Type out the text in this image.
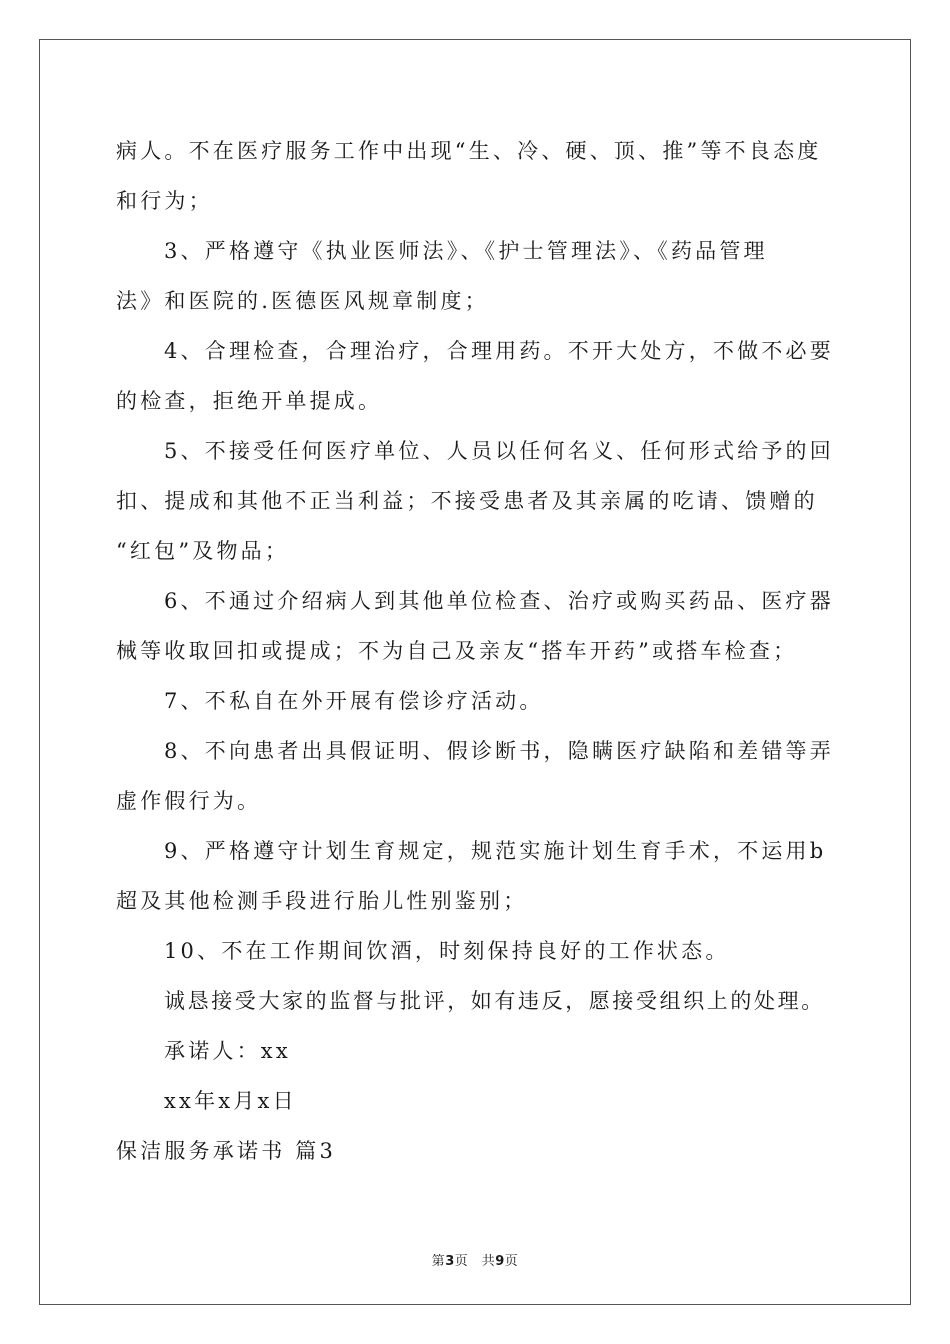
病人。不在医疗服务工作中出现“生、冷、硬、顶、推”等不良态度
和行为；
3、严格遵守《执业医师法》、《护士管理法》、《药品管理
法》和医院的.医德医风规章制度；
4、合理检查，合理治疗，合理用药。不开大处方，不做不必要
的检查，拒绝开单提成。
5、不接受任何医疗单位、人员以任何名义、任何形式给予的回
扣、提成和其他不正当利益；不接受患者及其亲属的吃请、馈赠的
“红包”及物品；
6、不通过介绍病人到其他单位检查、治疗或购买药品、医疗器
械等收取回扣或提成；不为自己及亲友“搭车开药”或搭车检查；
7、不私自在外开展有偿诊疗活动。
8、不向患者出具假证明、假诊断书，隐瞒医疗缺陷和差错等弄
虚作假行为。
9、严格遵守计划生育规定，规范实施计划生育手术，不运用b
超及其他检测手段进行胎儿性别鉴别；
10、不在工作期间饮酒，时刻保持良好的工作状态。
诚恳接受大家的监督与批评，如有违反，愿接受组织上的处理。
承诺人：xx
xx年x月x日
保洁服务承诺书 篇3
第3页　共9页
